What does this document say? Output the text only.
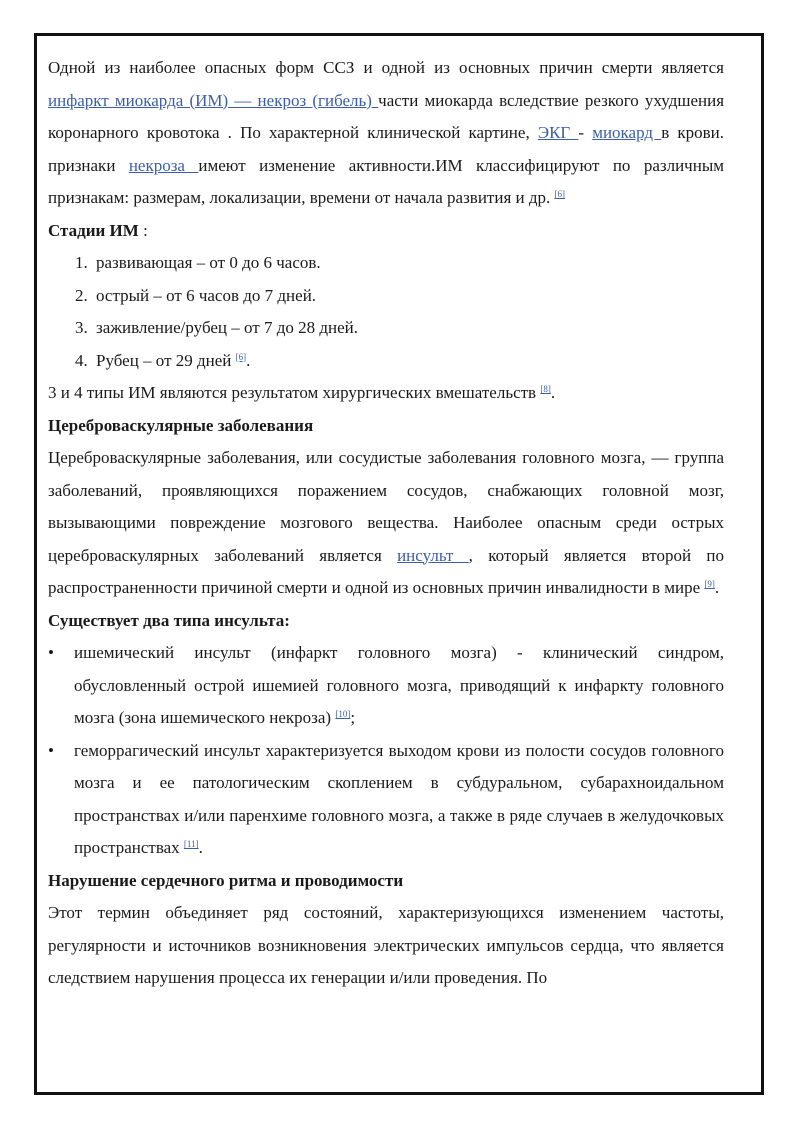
Одной из наиболее опасных форм ССЗ и одной из основных причин смерти является инфаркт миокарда (ИМ) — некроз (гибель) части миокарда вследствие резкого ухудшения коронарного кровотока . По характерной клинической картине, ЭКГ - миокард в крови. признаки некроза имеют изменение активности.ИМ классифицируют по различным признакам: размерам, локализации, времени от начала развития и др. [6]

Стадии ИМ :

1. развивающая – от 0 до 6 часов.
2. острый – от 6 часов до 7 дней.
3. заживление/рубец – от 7 до 28 дней.
4. Рубец – от 29 дней [6].

3 и 4 типы ИМ являются результатом хирургических вмешательств [8].

Цереброваскулярные заболевания

Цереброваскулярные заболевания, или сосудистые заболевания головного мозга, — группа заболеваний, проявляющихся поражением сосудов, снабжающих головной мозг, вызывающими повреждение мозгового вещества. Наиболее опасным среди острых цереброваскулярных заболеваний является инсульт , который является второй по распространенности причиной смерти и одной из основных причин инвалидности в мире [9].

Существует два типа инсульта:

• ишемический инсульт (инфаркт головного мозга) - клинический синдром, обусловленный острой ишемией головного мозга, приводящий к инфаркту головного мозга (зона ишемического некроза) [10];
• геморрагический инсульт характеризуется выходом крови из полости сосудов головного мозга и ее патологическим скоплением в субдуральном, субарахноидальном пространствах и/или паренхиме головного мозга, а также в ряде случаев в желудочковых пространствах [11].

Нарушение сердечного ритма и проводимости

Этот термин объединяет ряд состояний, характеризующихся изменением частоты, регулярности и источников возникновения электрических импульсов сердца, что является следствием нарушения процесса их генерации и/или проведения. По
